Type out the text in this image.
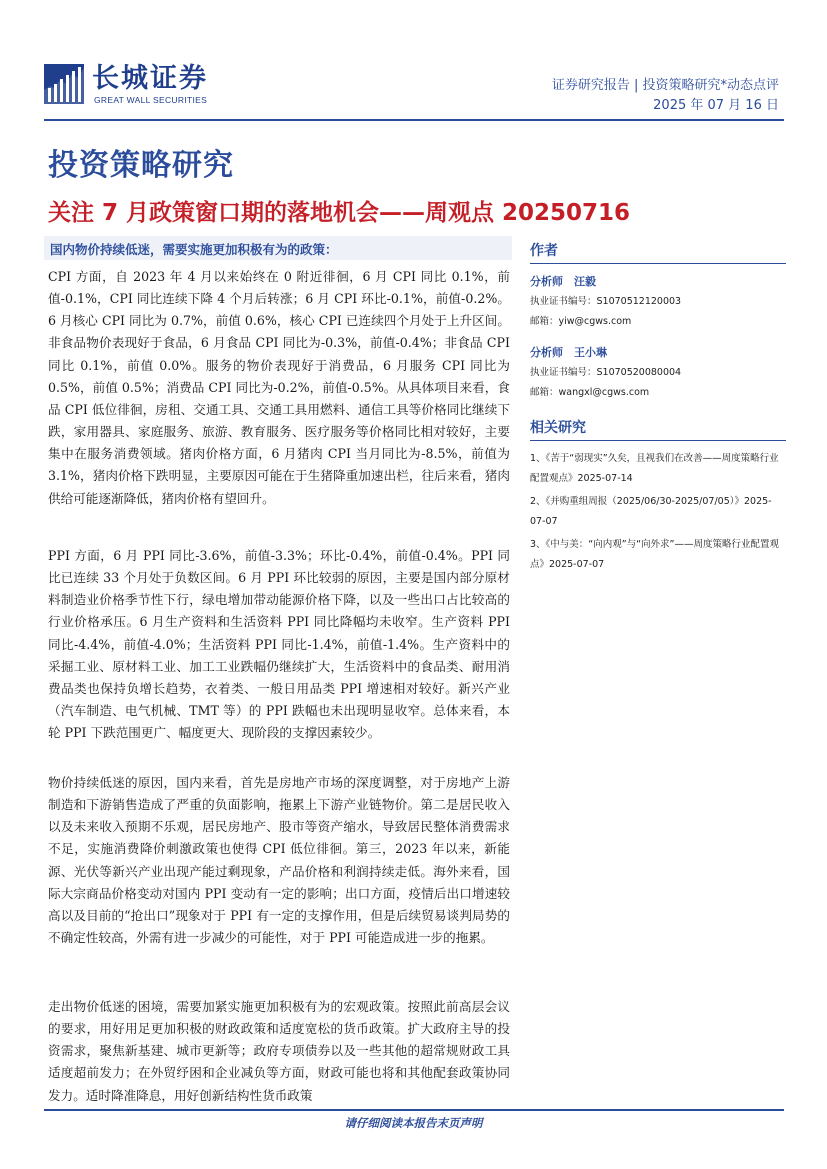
长城证券
GREAT WALL SECURITIES
证券研究报告 | 投资策略研究*动态点评
2025 年 07 月 16 日
投资策略研究
关注 7 月政策窗口期的落地机会——周观点 20250716
国内物价持续低迷，需要实施更加积极有为的政策：

CPI 方面，自 2023 年 4 月以来始终在 0 附近徘徊，6 月 CPI 同比 0.1%，前值-0.1%，CPI 同比连续下降 4 个月后转涨；6 月 CPI 环比-0.1%，前值-0.2%。6 月核心 CPI 同比为 0.7%，前值 0.6%，核心 CPI 已连续四个月处于上升区间。非食品物价表现好于食品，6 月食品 CPI 同比为-0.3%，前值-0.4%；非食品 CPI 同比 0.1%，前值 0.0%。服务的物价表现好于消费品，6 月服务 CPI 同比为 0.5%，前值 0.5%；消费品 CPI 同比为-0.2%，前值-0.5%。从具体项目来看，食品 CPI 低位徘徊，房租、交通工具、交通工具用燃料、通信工具等价格同比继续下跌，家用器具、家庭服务、旅游、教育服务、医疗服务等价格同比相对较好，主要集中在服务消费领域。猪肉价格方面，6 月猪肉 CPI 当月同比为-8.5%，前值为 3.1%，猪肉价格下跌明显，主要原因可能在于生猪降重加速出栏，往后来看，猪肉供给可能逐渐降低，猪肉价格有望回升。

PPI 方面，6 月 PPI 同比-3.6%，前值-3.3%；环比-0.4%，前值-0.4%。PPI 同比已连续 33 个月处于负数区间。6 月 PPI 环比较弱的原因，主要是国内部分原材料制造业价格季节性下行，绿电增加带动能源价格下降，以及一些出口占比较高的行业价格承压。6 月生产资料和生活资料 PPI 同比降幅均未收窄。生产资料 PPI 同比-4.4%，前值-4.0%；生活资料 PPI 同比-1.4%，前值-1.4%。生产资料中的采掘工业、原材料工业、加工工业跌幅仍继续扩大，生活资料中的食品类、耐用消费品类也保持负增长趋势，衣着类、一般日用品类 PPI 增速相对较好。新兴产业（汽车制造、电气机械、TMT 等）的 PPI 跌幅也未出现明显收窄。总体来看，本轮 PPI 下跌范围更广、幅度更大、现阶段的支撑因素较少。

物价持续低迷的原因，国内来看，首先是房地产市场的深度调整，对于房地产上游制造和下游销售造成了严重的负面影响，拖累上下游产业链物价。第二是居民收入以及未来收入预期不乐观，居民房地产、股市等资产缩水，导致居民整体消费需求不足，实施消费降价刺激政策也使得 CPI 低位徘徊。第三，2023 年以来，新能源、光伏等新兴产业出现产能过剩现象，产品价格和利润持续走低。海外来看，国际大宗商品价格变动对国内 PPI 变动有一定的影响；出口方面，疫情后出口增速较高以及目前的“抢出口”现象对于 PPI 有一定的支撑作用，但是后续贸易谈判局势的不确定性较高，外需有进一步减少的可能性，对于 PPI 可能造成进一步的拖累。

走出物价低迷的困境，需要加紧实施更加积极有为的宏观政策。按照此前高层会议的要求，用好用足更加积极的财政政策和适度宽松的货币政策。扩大政府主导的投资需求，聚焦新基建、城市更新等；政府专项债券以及一些其他的超常规财政工具适度超前发力；在外贸纾困和企业减负等方面，财政可能也将和其他配套政策协同发力。适时降准降息，用好创新结构性货币政策

作者
分析师　汪毅
执业证书编号：S1070512120003
邮箱：yiw@cgws.com
分析师　王小琳
执业证书编号：S1070520080004
邮箱：wangxl@cgws.com
相关研究
1、《苦于“弱现实”久矣，且视我们在改善——周度策略行业配置观点》2025-07-14
2、《并购重组周报（2025/06/30-2025/07/05）》2025-07-07
3、《中与美：“向内观”与“向外求”——周度策略行业配置观点》2025-07-07
请仔细阅读本报告末页声明
